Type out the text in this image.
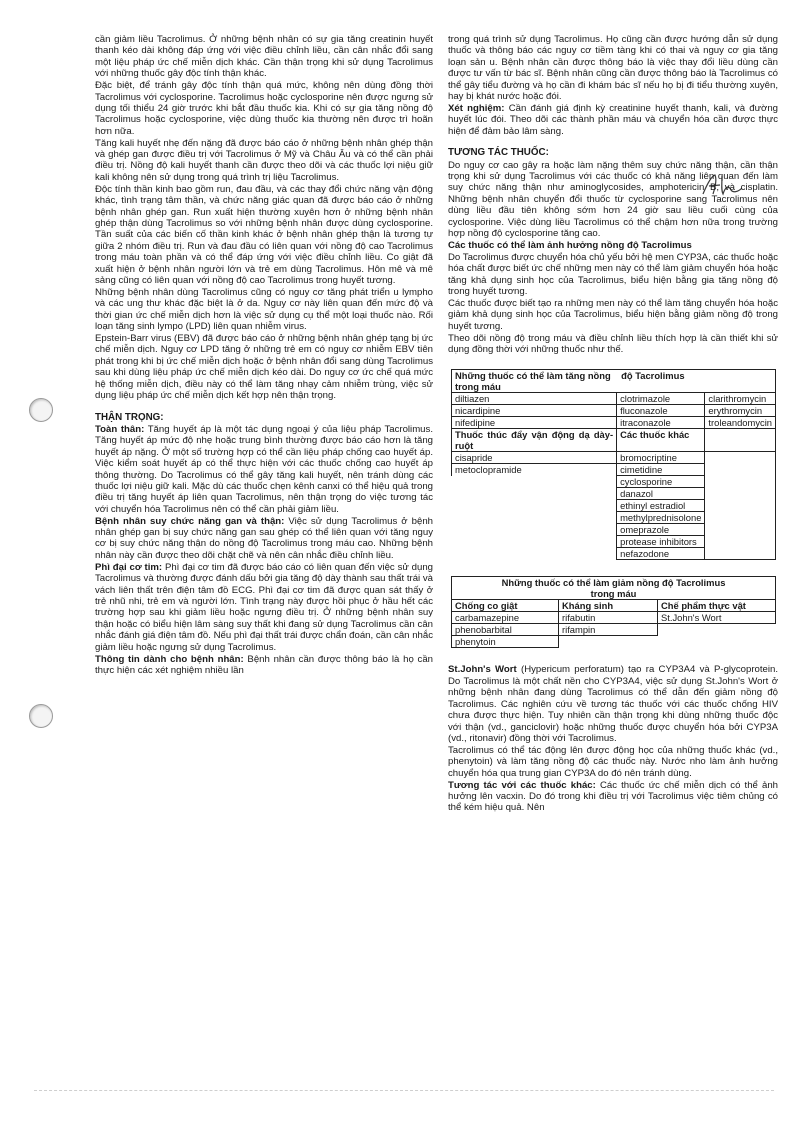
cần giảm liều Tacrolimus. Ở những bệnh nhân có sự gia tăng creatinin huyết thanh kéo dài không đáp ứng với việc điều chỉnh liều, cần cân nhắc đổi sang một liệu pháp ức chế miễn dịch khác. Cần thận trọng khi sử dụng Tacrolimus với những thuốc gây độc tính thận khác.

Đặc biệt, để tránh gây độc tính thận quá mức, không nên dùng đồng thời Tacrolimus với cyclosporine. Tacrolimus hoặc cyclosporine nên được ngưng sử dụng tối thiểu 24 giờ trước khi bắt đầu thuốc kia. Khi có sự gia tăng nồng độ Tacrolimus hoặc cyclosporine, việc dùng thuốc kia thường nên được trì hoãn hơn nữa.

Tăng kali huyết nhẹ đến nặng đã được báo cáo ở những bệnh nhân ghép thận và ghép gan được điều trị với Tacrolimus ở Mỹ và Châu Âu và có thể cần phải điều trị. Nồng độ kali huyết thanh cần được theo dõi và các thuốc lợi niệu giữ kali không nên sử dụng trong quá trình trị liệu Tacrolimus.

Độc tính thần kinh bao gồm run, đau đầu, và các thay đổi chức năng vận động khác, tình trạng tâm thần, và chức năng giác quan đã được báo cáo ở những bệnh nhân ghép gan. Run xuất hiện thường xuyên hơn ở những bệnh nhân ghép thận dùng Tacrolimus so với những bệnh nhân được dùng cyclosporine. Tần suất của các biến cố thần kinh khác ở bệnh nhân ghép thận là tương tự giữa 2 nhóm điều trị. Run và đau đầu có liên quan với nồng độ cao Tacrolimus trong máu toàn phần và có thể đáp ứng với việc điều chỉnh liều. Co giật đã xuất hiện ở bệnh nhân người lớn và trẻ em dùng Tacrolimus. Hôn mê và mê sảng cũng có liên quan với nồng độ cao Tacrolimus trong huyết tương.

Những bệnh nhân dùng Tacrolimus cũng có nguy cơ tăng phát triển u lympho và các ung thư khác đặc biệt là ở da. Nguy cơ này liên quan đến mức độ và thời gian ức chế miễn dịch hơn là việc sử dụng cụ thể một loại thuốc nào. Rối loạn tăng sinh lympo (LPD) liên quan nhiễm virus.

Epstein-Barr virus (EBV) đã được báo cáo ở những bệnh nhân ghép tạng bị ức chế miễn dịch. Nguy cơ LPD tăng ở những trẻ em có nguy cơ nhiễm EBV tiên phát trong khi bị ức chế miễn dịch hoặc ở bệnh nhân đổi sang dùng Tacrolimus sau khi dùng liệu pháp ức chế miễn dịch kéo dài. Do nguy cơ ức chế quá mức hệ thống miễn dịch, điều này có thể làm tăng nhạy cảm nhiễm trùng, việc sử dụng liệu pháp ức chế miễn dịch kết hợp nên thận trọng.

THẬN TRỌNG:

Toàn thân: Tăng huyết áp là một tác dụng ngoại ý của liệu pháp Tacrolimus. Tăng huyết áp mức độ nhẹ hoặc trung bình thường được báo cáo hơn là tăng huyết áp nặng. Ở một số trường hợp có thể cần liệu pháp chống cao huyết áp. Việc kiểm soát huyết áp có thể thực hiện với các thuốc chống cao huyết áp thông thường. Do Tacrolimus có thể gây tăng kali huyết, nên tránh dùng các thuốc lợi niệu giữ kali. Mặc dù các thuốc chẹn kênh canxi có thể hiệu quả trong điều trị tăng huyết áp liên quan Tacrolimus, nên thận trọng do việc tương tác với chuyển hóa Tacrolimus nên có thể cần phải giảm liều.

Bệnh nhân suy chức năng gan và thận: Việc sử dụng Tacrolimus ở bệnh nhân ghép gan bị suy chức năng gan sau ghép có thể liên quan với tăng nguy cơ bị suy chức năng thận do nồng độ Tacrolimus trong máu cao. Những bệnh nhân này cần được theo dõi chặt chẽ và nên cân nhắc điều chỉnh liều.

Phì đại cơ tim: Phì đại cơ tim đã được báo cáo có liên quan đến việc sử dụng Tacrolimus và thường được đánh dấu bởi gia tăng độ dày thành sau thất trái và vách liên thất trên điện tâm đồ ECG. Phì đại cơ tim đã được quan sát thấy ở trẻ nhũ nhi, trẻ em và người lớn. Tình trạng này được hồi phục ở hầu hết các trường hợp sau khi giảm liều hoặc ngưng điều trị. Ở những bệnh nhân suy thận hoặc có biểu hiện lâm sàng suy thất khi đang sử dụng Tacrolimus cần cân nhắc đánh giá điện tâm đồ. Nếu phì đại thất trái được chẩn đoán, cần cân nhắc giảm liều hoặc ngưng sử dụng Tacrolimus.

Thông tin dành cho bệnh nhân: Bệnh nhân cần được thông báo là họ cần thực hiện các xét nghiệm nhiều lần

trong quá trình sử dụng Tacrolimus. Họ cũng cần được hướng dẫn sử dụng thuốc và thông báo các nguy cơ tiềm tàng khi có thai và nguy cơ gia tăng loạn sản u. Bệnh nhân cần được thông báo là việc thay đổi liều dùng cần được tư vấn từ bác sĩ. Bệnh nhân cũng cần được thông báo là Tacrolimus có thể gây tiểu đường và họ cần đi khám bác sĩ nếu họ bị đi tiểu thường xuyên, hay bị khát nước hoặc đói.

Xét nghiệm: Cần đánh giá định kỳ creatinine huyết thanh, kali, và đường huyết lúc đói. Theo dõi các thành phần máu và chuyển hóa cần được thực hiện để đảm bảo lâm sàng.

TƯƠNG TÁC THUỐC:

Do nguy cơ cao gây ra hoặc làm nặng thêm suy chức năng thận, cần thận trọng khi sử dụng Tacrolimus với các thuốc có khả năng liên quan đến làm suy chức năng thận như aminoglycosides, amphotericin B, và cisplatin. Những bệnh nhân chuyển đổi thuốc từ cyclosporine sang Tacrolimus nên dùng liều đầu tiên không sớm hơn 24 giờ sau liều cuối cùng của cyclosporine. Việc dùng liều Tacrolimus có thể chậm hơn nữa trong trường hợp nồng độ cyclosporine tăng cao.

Các thuốc có thể làm ảnh hưởng nồng độ Tacrolimus

Do Tacrolimus được chuyển hóa chủ yếu bởi hệ men CYP3A, các thuốc hoặc hóa chất được biết ức chế những men này có thể làm giảm chuyển hóa hoặc tăng khả dụng sinh học của Tacrolimus, biểu hiện bằng gia tăng nồng độ trong huyết tương.

Các thuốc được biết tạo ra những men này có thể làm tăng chuyển hóa hoặc giảm khả dụng sinh học của Tacrolimus, biểu hiện bằng giảm nồng độ trong huyết tương.

Theo dõi nồng độ trong máu và điều chỉnh liều thích hợp là cần thiết khi sử dụng đồng thời với những thuốc như thế.

Những thuốc có thể làm tăng nồng độ Tacrolimus
trong máu		
diltiazen	clotrimazole	clarithromycin
nicardipine	fluconazole	erythromycin
nifedipine	itraconazole	troleandomycin
Thuốc thúc đẩy vận động dạ dày-ruột	Các thuốc khác	
cisapride	bromocriptine	
metoclopramide	cimetidine	
	cyclosporine	
	danazol	
	ethinyl estradiol	
	methylprednisolone	
	omeprazole	
	protease inhibitors	
	nefazodone	
Những thuốc có thể làm giảm nồng độ Tacrolimus
trong máu		
Chống co giật	Kháng sinh	Chế phẩm thực vật
carbamazepine	rifabutin	St.John's Wort
phenobarbital	rifampin	
phenytoin		

St.John's Wort (Hypericum perforatum) tạo ra CYP3A4 và P-glycoprotein. Do Tacrolimus là một chất nền cho CYP3A4, việc sử dụng St.John's Wort ở những bệnh nhân đang dùng Tacrolimus có thể dẫn đến giảm nồng độ Tacrolimus. Các nghiên cứu về tương tác thuốc với các thuốc chống HIV chưa được thực hiện. Tuy nhiên cần thận trọng khi dùng những thuốc độc với thận (vd., ganciclovir) hoặc những thuốc được chuyển hóa bởi CYP3A (vd., ritonavir) đồng thời với Tacrolimus.

Tacrolimus có thể tác động lên được động học của những thuốc khác (vd., phenytoin) và làm tăng nồng độ các thuốc này. Nước nho làm ảnh hưởng chuyển hóa qua trung gian CYP3A do đó nên tránh dùng.

Tương tác với các thuốc khác: Các thuốc ức chế miễn dịch có thể ảnh hưởng lên vacxin. Do đó trong khi điều trị với Tacrolimus việc tiêm chủng có thể kém hiệu quả. Nên
